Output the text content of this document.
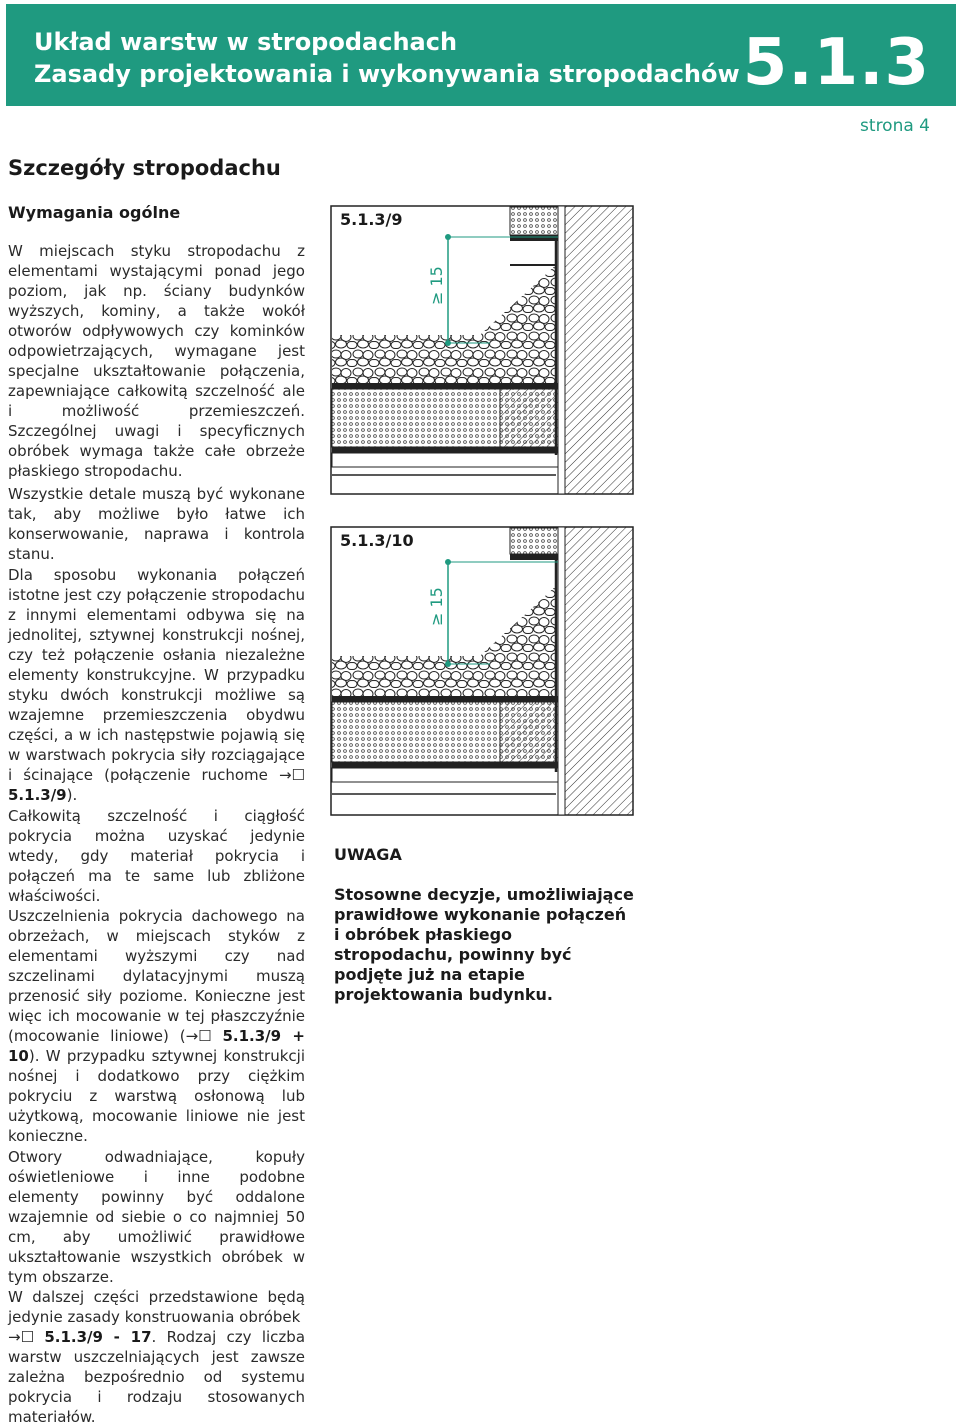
Układ warstw w stropodachach
Zasady projektowania i wykonywania stropodachów 5.1.3
strona 4
Szczegóły stropodachu
Wymagania ogólne

W miejscach styku stropodachu z elementami wystającymi ponad jego poziom, jak np. ściany budynków wyższych, kominy, a także wokół otworów odpływowych czy kominków odpowietrzających, wymagane jest specjalne ukształtowanie połączenia, zapewniające całkowitą szczelność ale i możliwość przemieszczeń. Szczególnej uwagi i specyficznych obróbek wymaga także całe obrzeże płaskiego stropodachu.

Wszystkie detale muszą być wykonane tak, aby możliwe było łatwe ich konserwowanie, naprawa i kontrola stanu.

Dla sposobu wykonania połączeń istotne jest czy połączenie stropodachu z innymi elementami odbywa się na jednolitej, sztywnej konstrukcji nośnej, czy też połączenie osłania niezależne elementy konstrukcyjne. W przypadku styku dwóch konstrukcji możliwe są wzajemne przemieszczenia obydwu części, a w ich następstwie pojawią się w warstwach pokrycia siły rozciągające i ścinające (połączenie ruchome →☐ 5.1.3/9).

Całkowitą szczelność i ciągłość pokrycia można uzyskać jedynie wtedy, gdy materiał pokrycia i połączeń ma te same lub zbliżone właściwości.

Uszczelnienia pokrycia dachowego na obrzeżach, w miejscach styków z elementami wyższymi czy nad szczelinami dylatacyjnymi muszą przenosić siły poziome. Konieczne jest więc ich mocowanie w tej płaszczyźnie (mocowanie liniowe) (→☐ 5.1.3/9 + 10). W przypadku sztywnej konstrukcji nośnej i dodatkowo przy ciężkim pokryciu z warstwą osłonową lub użytkową, mocowanie liniowe nie jest konieczne.

Otwory odwadniające, kopuły oświetleniowe i inne podobne elementy powinny być oddalone wzajemnie od siebie o co najmniej 50 cm, aby umożliwić prawidłowe ukształtowanie wszystkich obróbek w tym obszarze.

W dalszej części przedstawione będą jedynie zasady konstruowania obróbek
→☐ 5.1.3/9 - 17. Rodzaj czy liczba warstw uszczelniających jest zawsze zależna bezpośrednio od systemu pokrycia i rodzaju stosowanych materiałów.

5.1.3/9
≥ 15
5.1.3/10
≥ 15
UWAGA
Stosowne decyzje, umożliwiające prawidłowe wykonanie połączeń i obróbek płaskiego stropodachu, powinny być podjęte już na etapie projektowania budynku.
